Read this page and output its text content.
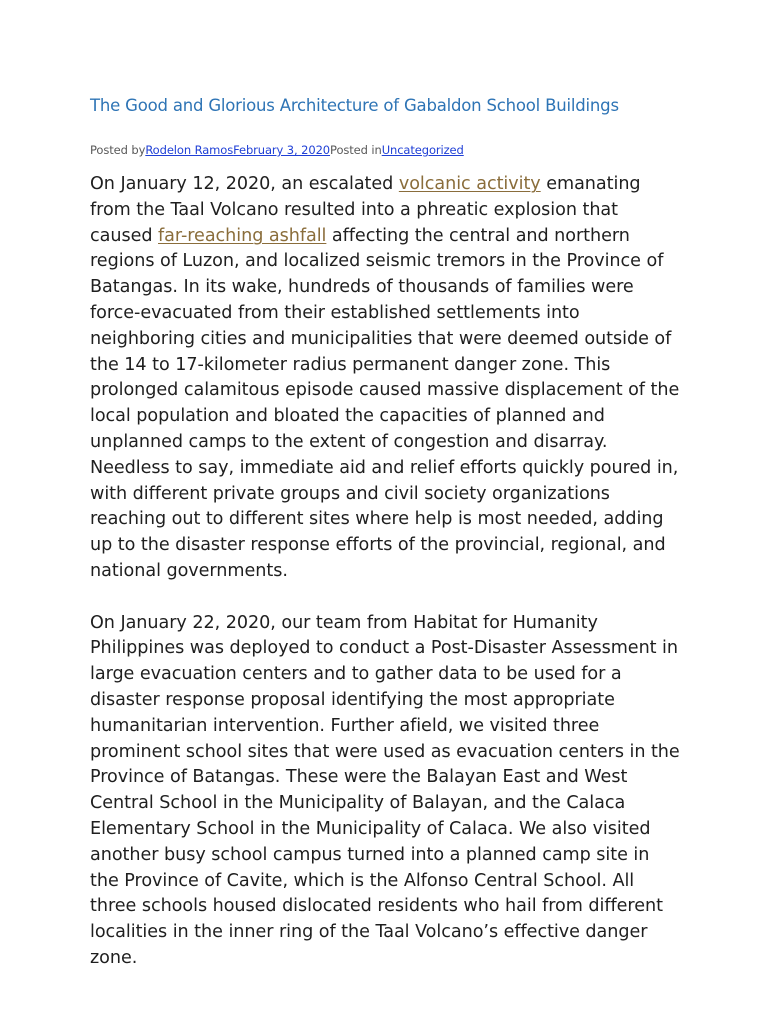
The Good and Glorious Architecture of Gabaldon School Buildings
Posted byRodelon RamosFebruary 3, 2020Posted inUncategorized

On January 12, 2020, an escalated volcanic activity emanating from the Taal Volcano resulted into a phreatic explosion that caused far-reaching ashfall affecting the central and northern regions of Luzon, and localized seismic tremors in the Province of Batangas. In its wake, hundreds of thousands of families were force-evacuated from their established settlements into neighboring cities and municipalities that were deemed outside of the 14 to 17-kilometer radius permanent danger zone. This prolonged calamitous episode caused massive displacement of the local population and bloated the capacities of planned and unplanned camps to the extent of congestion and disarray. Needless to say, immediate aid and relief efforts quickly poured in, with different private groups and civil society organizations reaching out to different sites where help is most needed, adding up to the disaster response efforts of the provincial, regional, and national governments.

On January 22, 2020, our team from Habitat for Humanity Philippines was deployed to conduct a Post-Disaster Assessment in large evacuation centers and to gather data to be used for a disaster response proposal identifying the most appropriate humanitarian intervention. Further afield, we visited three prominent school sites that were used as evacuation centers in the Province of Batangas. These were the Balayan East and West Central School in the Municipality of Balayan, and the Calaca Elementary School in the Municipality of Calaca. We also visited another busy school campus turned into a planned camp site in the Province of Cavite, which is the Alfonso Central School. All three schools housed dislocated residents who hail from different localities in the inner ring of the Taal Volcano’s effective danger zone.
